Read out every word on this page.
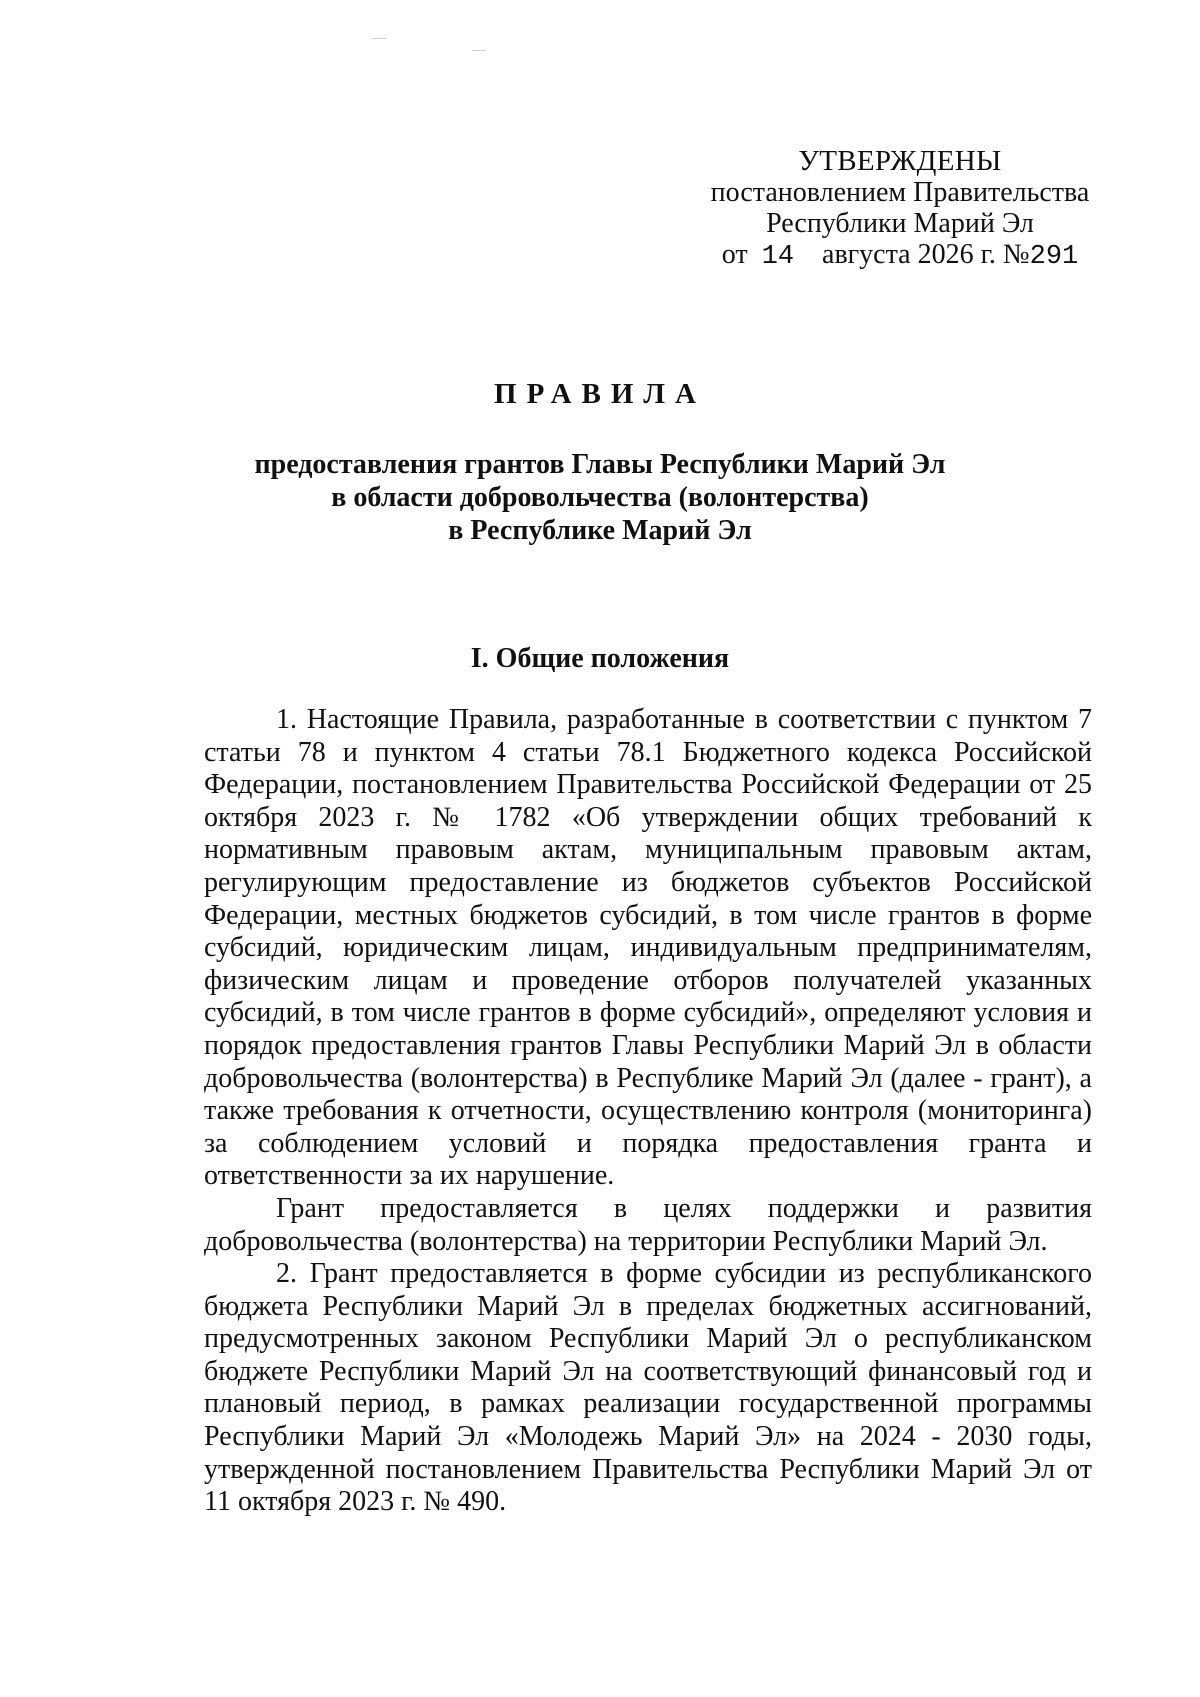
УТВЕРЖДЕНЫ
постановлением Правительства
Республики Марий Эл
от 14 августа 2026 г. №291
ПРАВИЛА
предоставления грантов Главы Республики Марий Эл
в области добровольчества (волонтерства)
в Республике Марий Эл
I. Общие положения

1. Настоящие Правила, разработанные в соответствии с пунктом 7 статьи 78 и пунктом 4 статьи 78.1 Бюджетного кодекса Российской Федерации, постановлением Правительства Российской Федерации от 25 октября 2023 г. № 1782 «Об утверждении общих требований к нормативным правовым актам, муниципальным правовым актам, регулирующим предоставление из бюджетов субъектов Российской Федерации, местных бюджетов субсидий, в том числе грантов в форме субсидий, юридическим лицам, индивидуальным предпринимателям, физическим лицам и проведение отборов получателей указанных субсидий, в том числе грантов в форме субсидий», определяют условия и порядок предоставления грантов Главы Республики Марий Эл в области добровольчества (волонтерства) в Республике Марий Эл (далее - грант), а также требования к отчетности, осуществлению контроля (мониторинга) за соблюдением условий и порядка предоставления гранта и ответственности за их нарушение.

Грант предоставляется в целях поддержки и развития добровольчества (волонтерства) на территории Республики Марий Эл.

2. Грант предоставляется в форме субсидии из республиканского бюджета Республики Марий Эл в пределах бюджетных ассигнований, предусмотренных законом Республики Марий Эл о республиканском бюджете Республики Марий Эл на соответствующий финансовый год и плановый период, в рамках реализации государственной программы Республики Марий Эл «Молодежь Марий Эл» на 2024 - 2030 годы, утвержденной постановлением Правительства Республики Марий Эл от 11 октября 2023 г. № 490.
